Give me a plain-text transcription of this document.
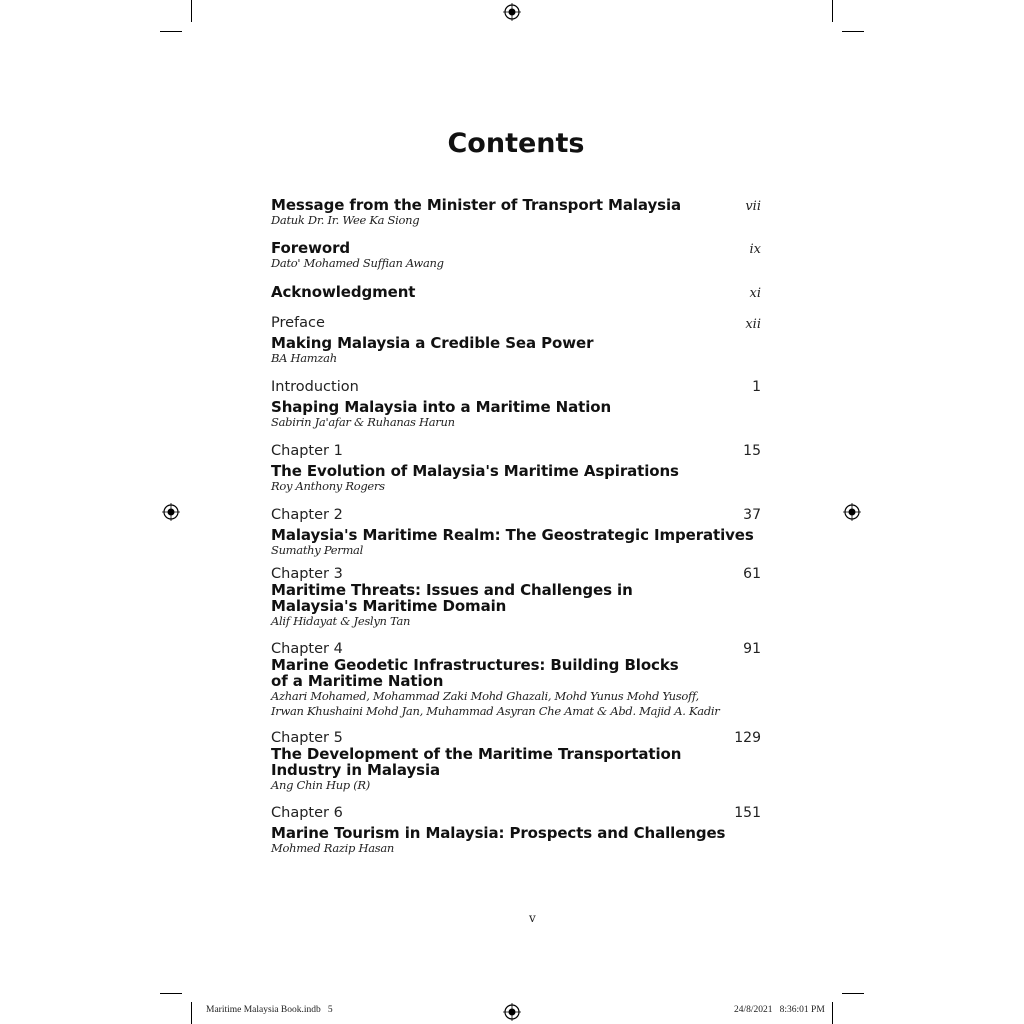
Contents
Message from the Minister of Transport Malaysia
Datuk Dr. Ir. Wee Ka Siong
vii
Foreword
Dato' Mohamed Suffian Awang
ix
Acknowledgment	xi
Preface
Making Malaysia a Credible Sea Power
BA Hamzah
xii
Introduction
Shaping Malaysia into a Maritime Nation
Sabirin Ja'afar & Ruhanas Harun
1
Chapter 1
The Evolution of Malaysia's Maritime Aspirations
Roy Anthony Rogers
15
Chapter 2
Malaysia's Maritime Realm: The Geostrategic Imperatives
Sumathy Permal
37
Chapter 3
Maritime Threats: Issues and Challenges in
Malaysia's Maritime Domain
Alif Hidayat & Jeslyn Tan
61
Chapter 4
Marine Geodetic Infrastructures: Building Blocks
of a Maritime Nation
Azhari Mohamed, Mohammad Zaki Mohd Ghazali, Mohd Yunus Mohd Yusoff,
Irwan Khushaini Mohd Jan, Muhammad Asyran Che Amat & Abd. Majid A. Kadir
91
Chapter 5
The Development of the Maritime Transportation
Industry in Malaysia
Ang Chin Hup (R)
129
Chapter 6
Marine Tourism in Malaysia: Prospects and Challenges
Mohmed Razip Hasan
151
v
Maritime Malaysia Book.indb   5	24/8/2021   8:36:01 PM
